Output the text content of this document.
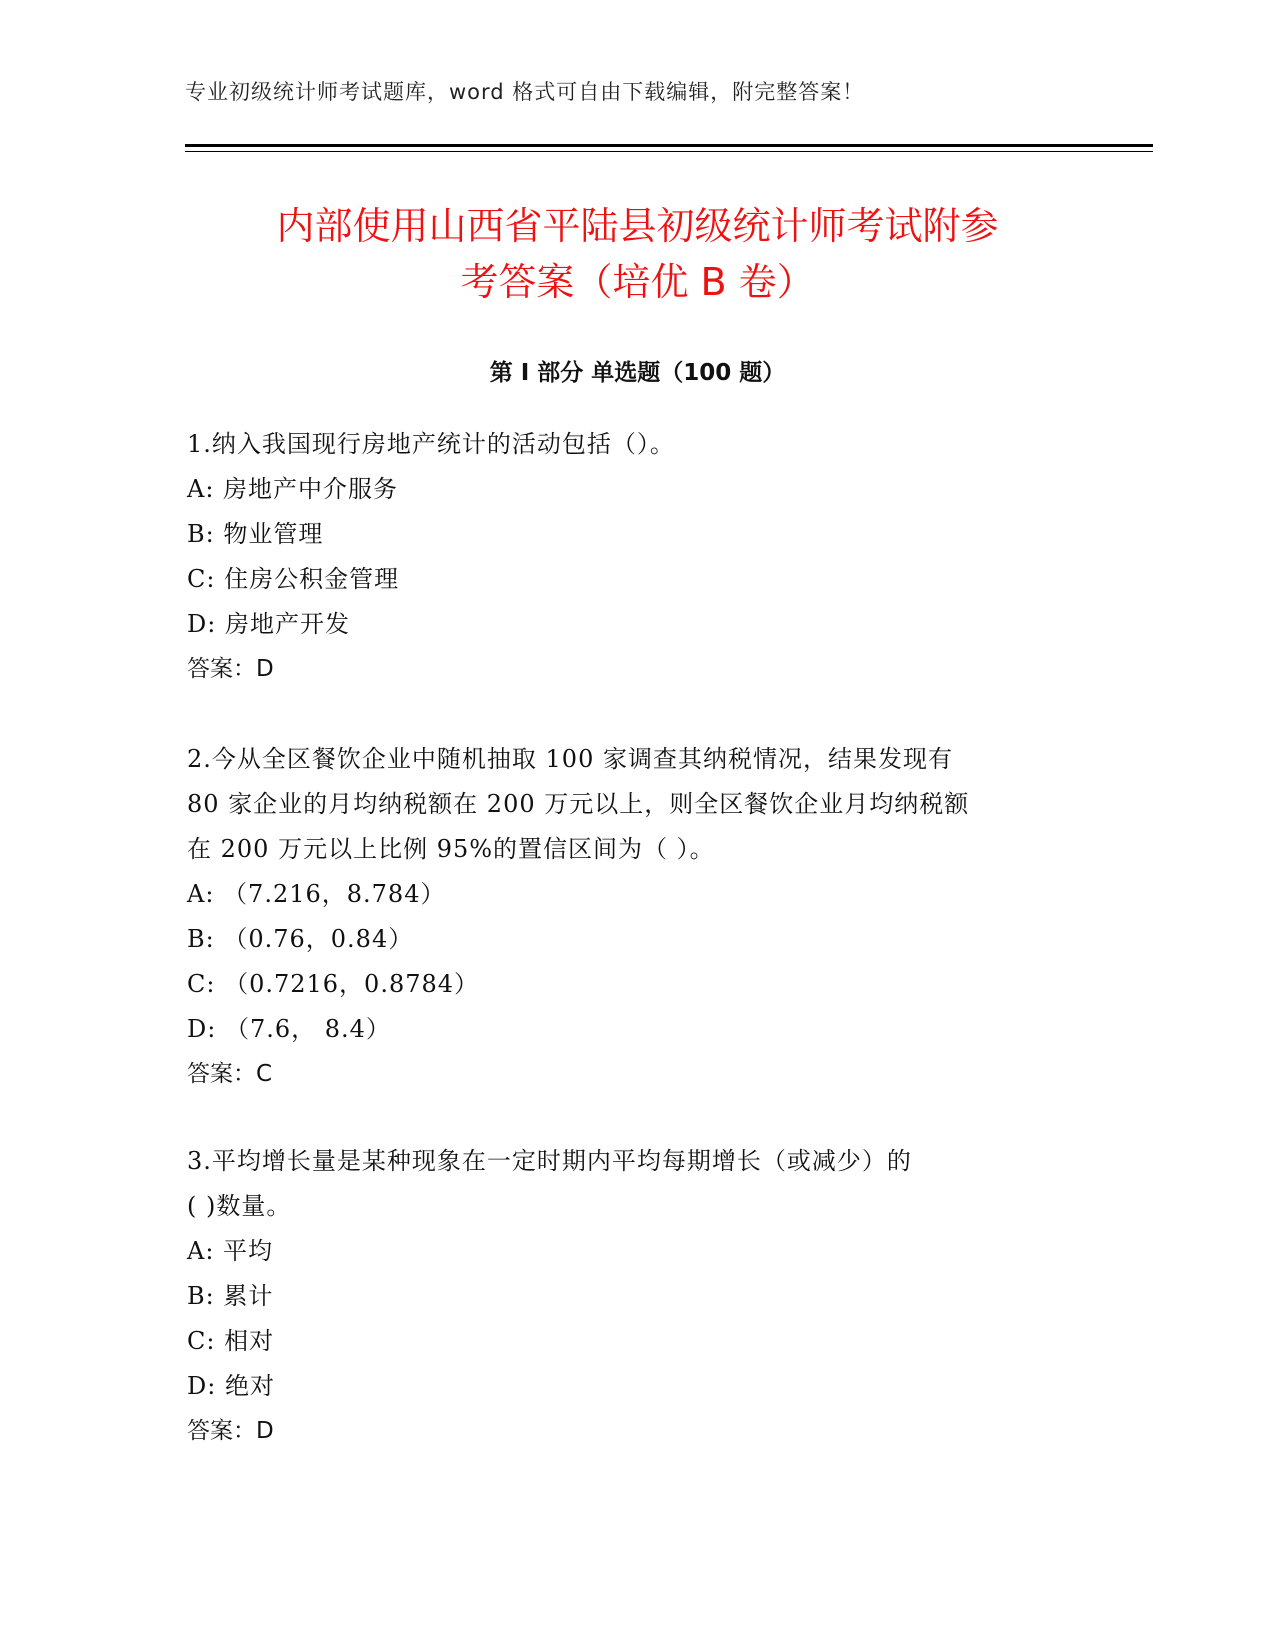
专业初级统计师考试题库，word 格式可自由下载编辑，附完整答案！
内部使用山西省平陆县初级统计师考试附参
考答案（培优 B 卷）
第 I 部分 单选题（100 题）
1.纳入我国现行房地产统计的活动包括（）。
A: 房地产中介服务
B: 物业管理
C: 住房公积金管理
D: 房地产开发
答案：D
2.今从全区餐饮企业中随机抽取 100 家调查其纳税情况，结果发现有
80 家企业的月均纳税额在 200 万元以上，则全区餐饮企业月均纳税额
在 200 万元以上比例 95%的置信区间为（ ）。
A: （7.216，8.784）
B: （0.76，0.84）
C: （0.7216，0.8784）
D: （7.6， 8.4）
答案：C
3.平均增长量是某种现象在一定时期内平均每期增长（或减少）的
( )数量。
A: 平均
B: 累计
C: 相对
D: 绝对
答案：D
